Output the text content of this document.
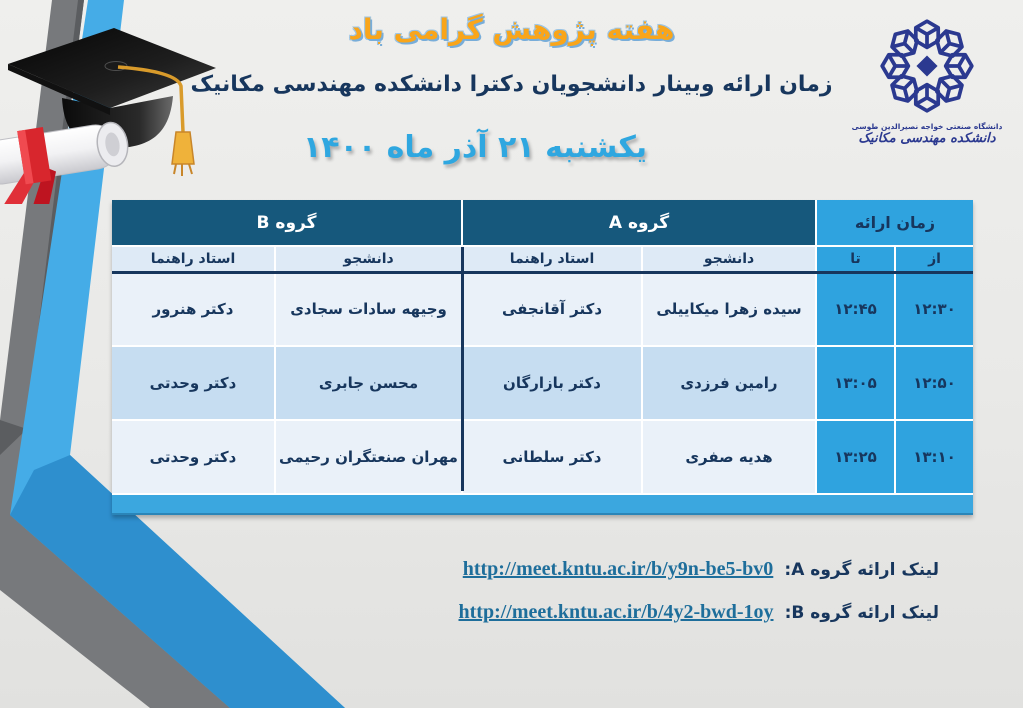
دانشگاه صنعتی خواجه نصیرالدین طوسی
دانشکده مهندسی مکانیک
هفته پژوهش گرامی باد
زمان ارائه وبینار دانشجویان دکترا دانشکده مهندسی مکانیک
یکشنبه ۲۱ آذر ماه ۱۴۰۰
گروه B	گروه A	زمان ارائه
استاد راهنما	دانشجو	استاد راهنما	دانشجو	تا	از
دکتر هنرور	وجیهه سادات سجادی	دکتر آقانجفی	سیده زهرا میکاییلی	۱۲:۴۵	۱۲:۳۰
دکتر وحدتی	محسن جابری	دکتر بازارگان	رامین فرزدی	۱۳:۰۵	۱۲:۵۰
دکتر وحدتی	مهران صنعتگران رحیمی	دکتر سلطانی	هدیه صفری	۱۳:۲۵	۱۳:۱۰
لینک ارائه گروه A‏: http://meet.kntu.ac.ir/b/y9n-be5-bv0
لینک ارائه گروه B‏: http://meet.kntu.ac.ir/b/4y2-bwd-1oy
